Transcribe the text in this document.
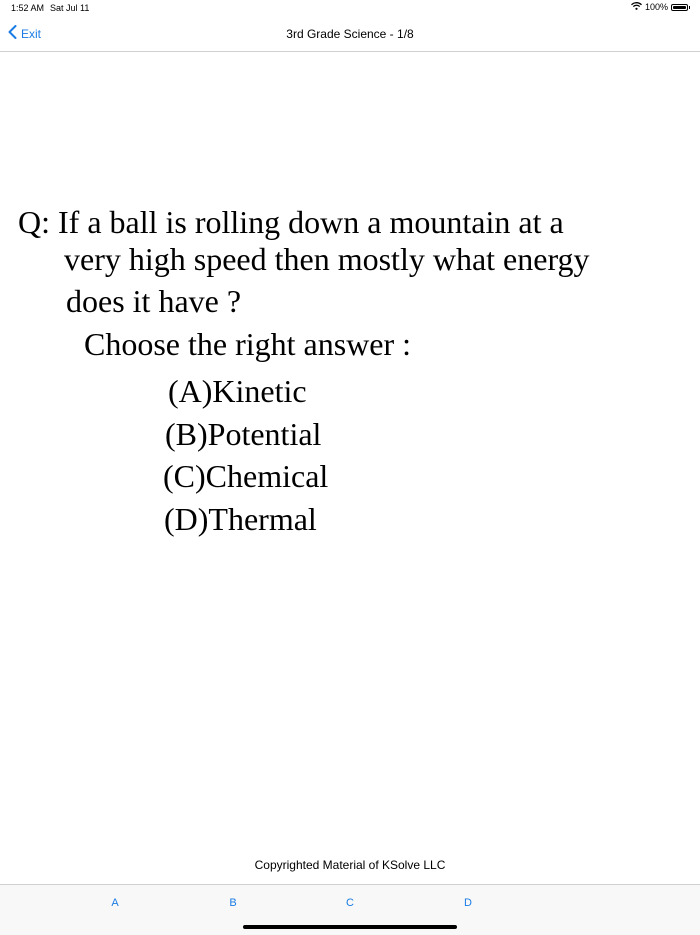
1:52 AM Sat Jul 11	100%
Exit	3rd Grade Science - 1/8
Q: If a ball is rolling down a mountain at a
very high speed then mostly what energy
does it have ?
Choose the right answer :
(A)Kinetic
(B)Potential
(C)Chemical
(D)Thermal
Copyrighted Material of KSolve LLC
A	B	C	D
